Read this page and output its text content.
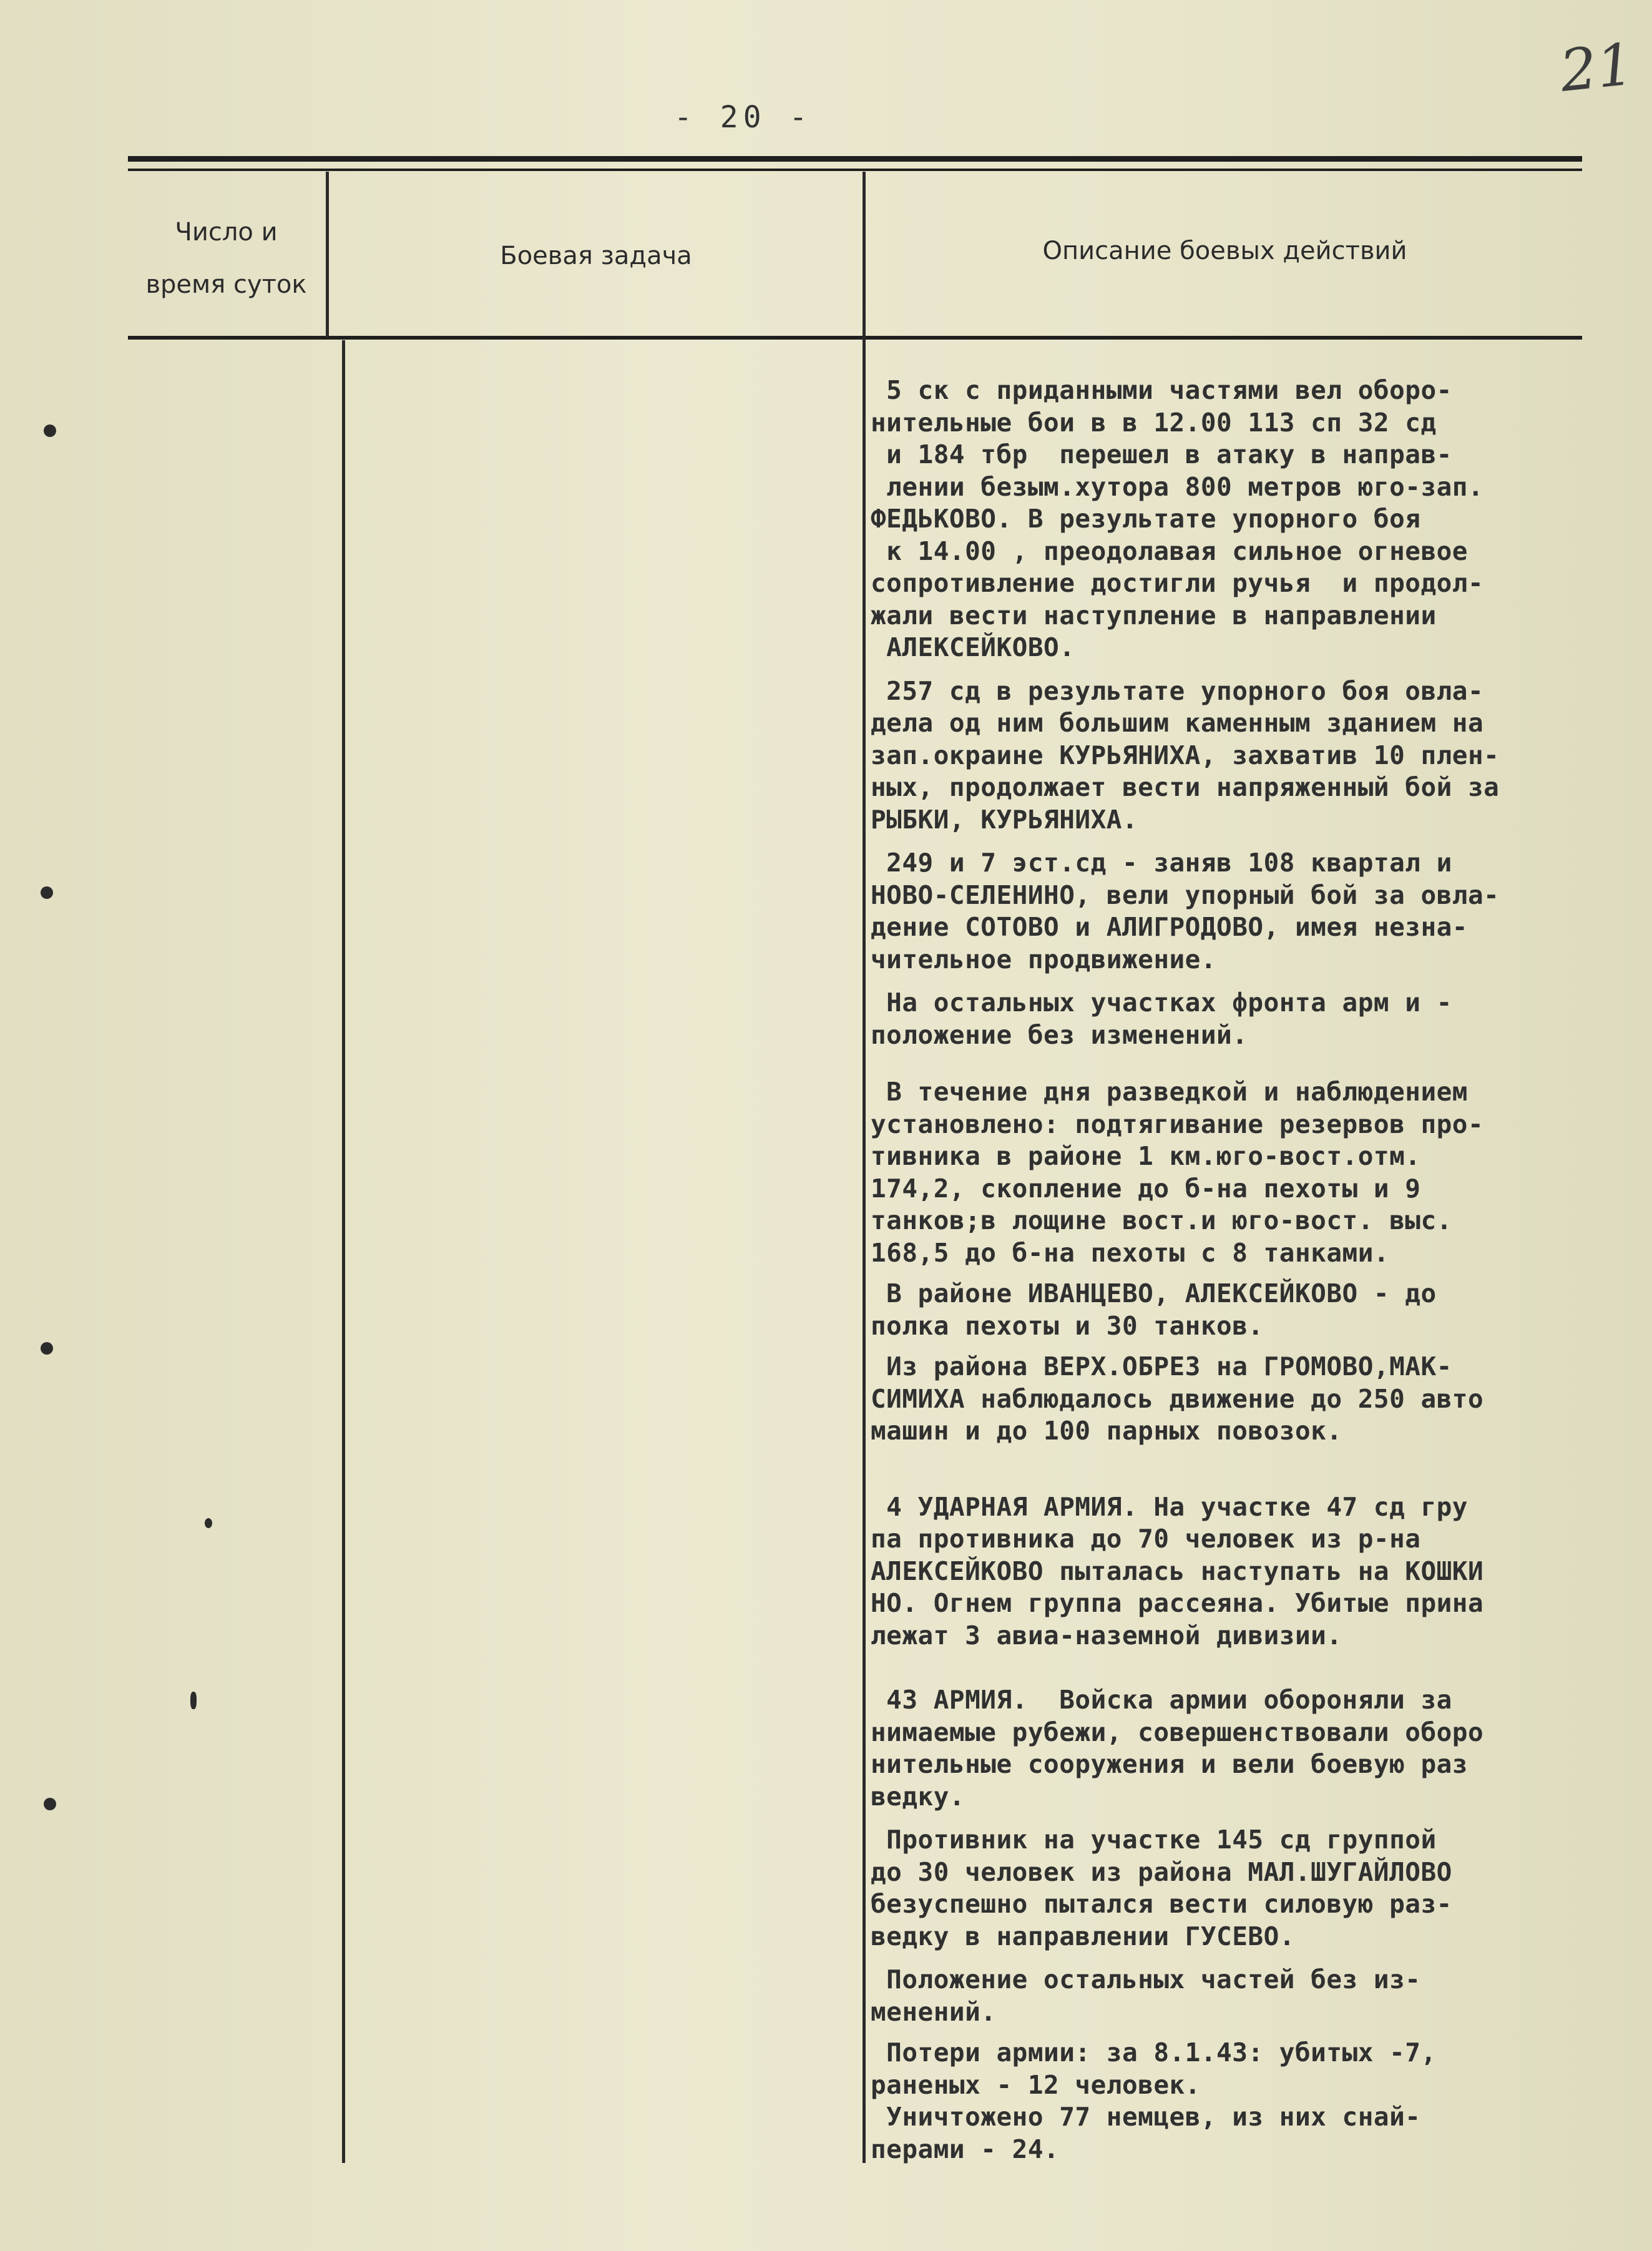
21
- 20 -
Число и
время суток
Боевая задача	Описание боевых действий

5 ск с приданными частями вел оборо-
нительные бои в в 12.00 113 сп 32 сд
и 184 тбр  перешел в атаку в направ-
лении безым.хутора 800 метров юго-зап.
ФЕДЬКОВО. В результате упорного боя
к 14.00 , преодолавая сильное огневое
сопротивление достигли ручья  и продол-
жали вести наступление в направлении
АЛЕКСЕЙКОВО.

257 сд в результате упорного боя овла-
дела од ним большим каменным зданием на
зап.окраине КУРЬЯНИХА, захватив 10 плен-
ных, продолжает вести напряженный бой за
РЫБКИ, КУРЬЯНИХА.

249 и 7 эст.сд - заняв 108 квартал и
НОВО-СЕЛЕНИНО, вели упорный бой за овла-
дение СОТОВО и АЛИГРОДОВО, имея незна-
чительное продвижение.

На остальных участках фронта арм и -
положение без изменений.

В течение дня разведкой и наблюдением
установлено: подтягивание резервов про-
тивника в районе 1 км.юго-вост.отм.
174,2, скопление до б-на пехоты и 9
танков;в лощине вост.и юго-вост. выс.
168,5 до б-на пехоты с 8 танками.

В районе ИВАНЦЕВО, АЛЕКСЕЙКОВО - до
полка пехоты и 30 танков.

Из района ВЕРХ.ОБРЕЗ на ГРОМОВО,МАК-
СИМИХА наблюдалось движение до 250 авто
машин и до 100 парных повозок.

4 УДАРНАЯ АРМИЯ. На участке 47 сд гру
па противника до 70 человек из р-на
АЛЕКСЕЙКОВО пыталась наступать на КОШКИ
НО. Огнем группа рассеяна. Убитые прина
лежат 3 авиа-наземной дивизии.

43 АРМИЯ.  Войска армии обороняли за
нимаемые рубежи, совершенствовали оборо
нительные сооружения и вели боевую раз
ведку.

Противник на участке 145 сд группой
до 30 человек из района МАЛ.ШУГАЙЛОВО
безуспешно пытался вести силовую раз-
ведку в направлении ГУСЕВО.

Положение остальных частей без из-
менений.

Потери армии: за 8.1.43: убитых -7,
раненых - 12 человек.
Уничтожено 77 немцев, из них снай-
перами - 24.
